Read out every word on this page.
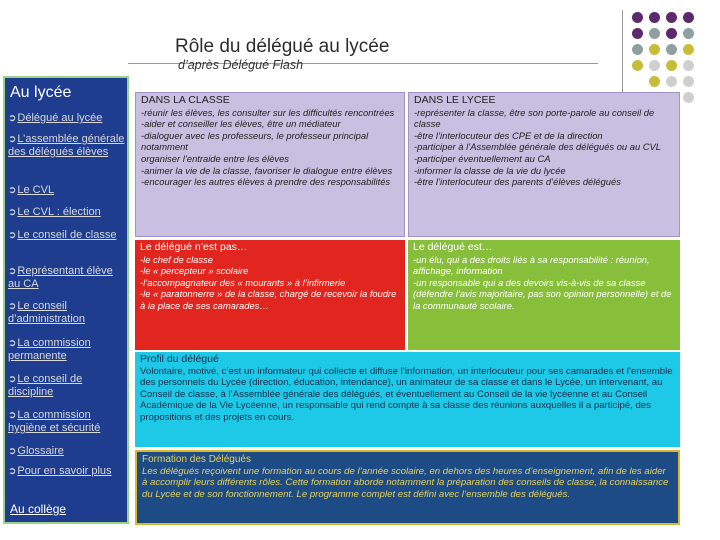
Rôle du délégué au lycée
d’après Délégué Flash
Au lycée
➲Délégué au lycée
➲L’assemblée générale des délégués élèves
➲Le CVL
➲Le CVL : élection
➲Le conseil de classe
➲Représentant élève au CA
➲Le conseil d’administration
➲La commission permanente
➲Le conseil de discipline
➲La commission hygiène et sécurité
➲Glossaire
➲Pour en savoir plus
Au collège
DANS LA CLASSE
-réunir les élèves, les consulter sur les difficultés rencontrées
-aider et conseiller les élèves, être un médiateur
-dialoguer avec les professeurs, le professeur principal notamment
organiser l’entraide entre les élèves
-animer la vie de la classe, favoriser le dialogue entre élèves
-encourager les autres élèves à prendre des responsabilités
DANS LE LYCEE
-représenter la classe, être son porte-parole au conseil de classe
-être l’interlocuteur des CPE et de la direction
-participer à l’Assemblée générale des délégués ou au CVL
-participer éventuellement au CA
-informer la classe de la vie du lycée
-être l’interlocuteur des parents d’élèves délégués
Le délégué n’est pas…
-le chef de classe
-le « percepteur » scolaire
-l’accompagnateur des « mourants » à l’infirmerie
-le « paratonnerre » de la classe, chargé de recevoir la foudre à la place de ses camarades…
Le délégué est…
-un élu, qui a des droits liés à sa responsabilité : réunion, affichage, information
-un responsable qui a des devoirs vis-à-vis de sa classe (défendre l’avis majoritaire, pas son opinion personnelle) et de la communauté scolaire.
Profil du délégué
Volontaire, motivé, c’est un informateur qui collecte et diffuse l’information, un interlocuteur pour ses camarades et l’ensemble des personnels du Lycée (direction, éducation, intendance), un animateur de sa classe et dans le Lycée, un intervenant, au Conseil de classe, à l’Assemblée générale des délégués, et éventuellement au Conseil de la vie lycéenne et au Conseil Académique de la Vie Lycéenne, un responsable qui rend compte à sa classe des réunions auxquelles il a participé, des propositions et des projets en cours.
Formation des Délégués
Les délégués reçoivent une formation au cours de l’année scolaire, en dehors des heures d’enseignement, afin de les aider à accomplir leurs différents rôles. Cette formation aborde notamment la préparation des conseils de classe, la connaissance du Lycée et de son fonctionnement. Le programme complet est défini avec l’ensemble des délégués.
